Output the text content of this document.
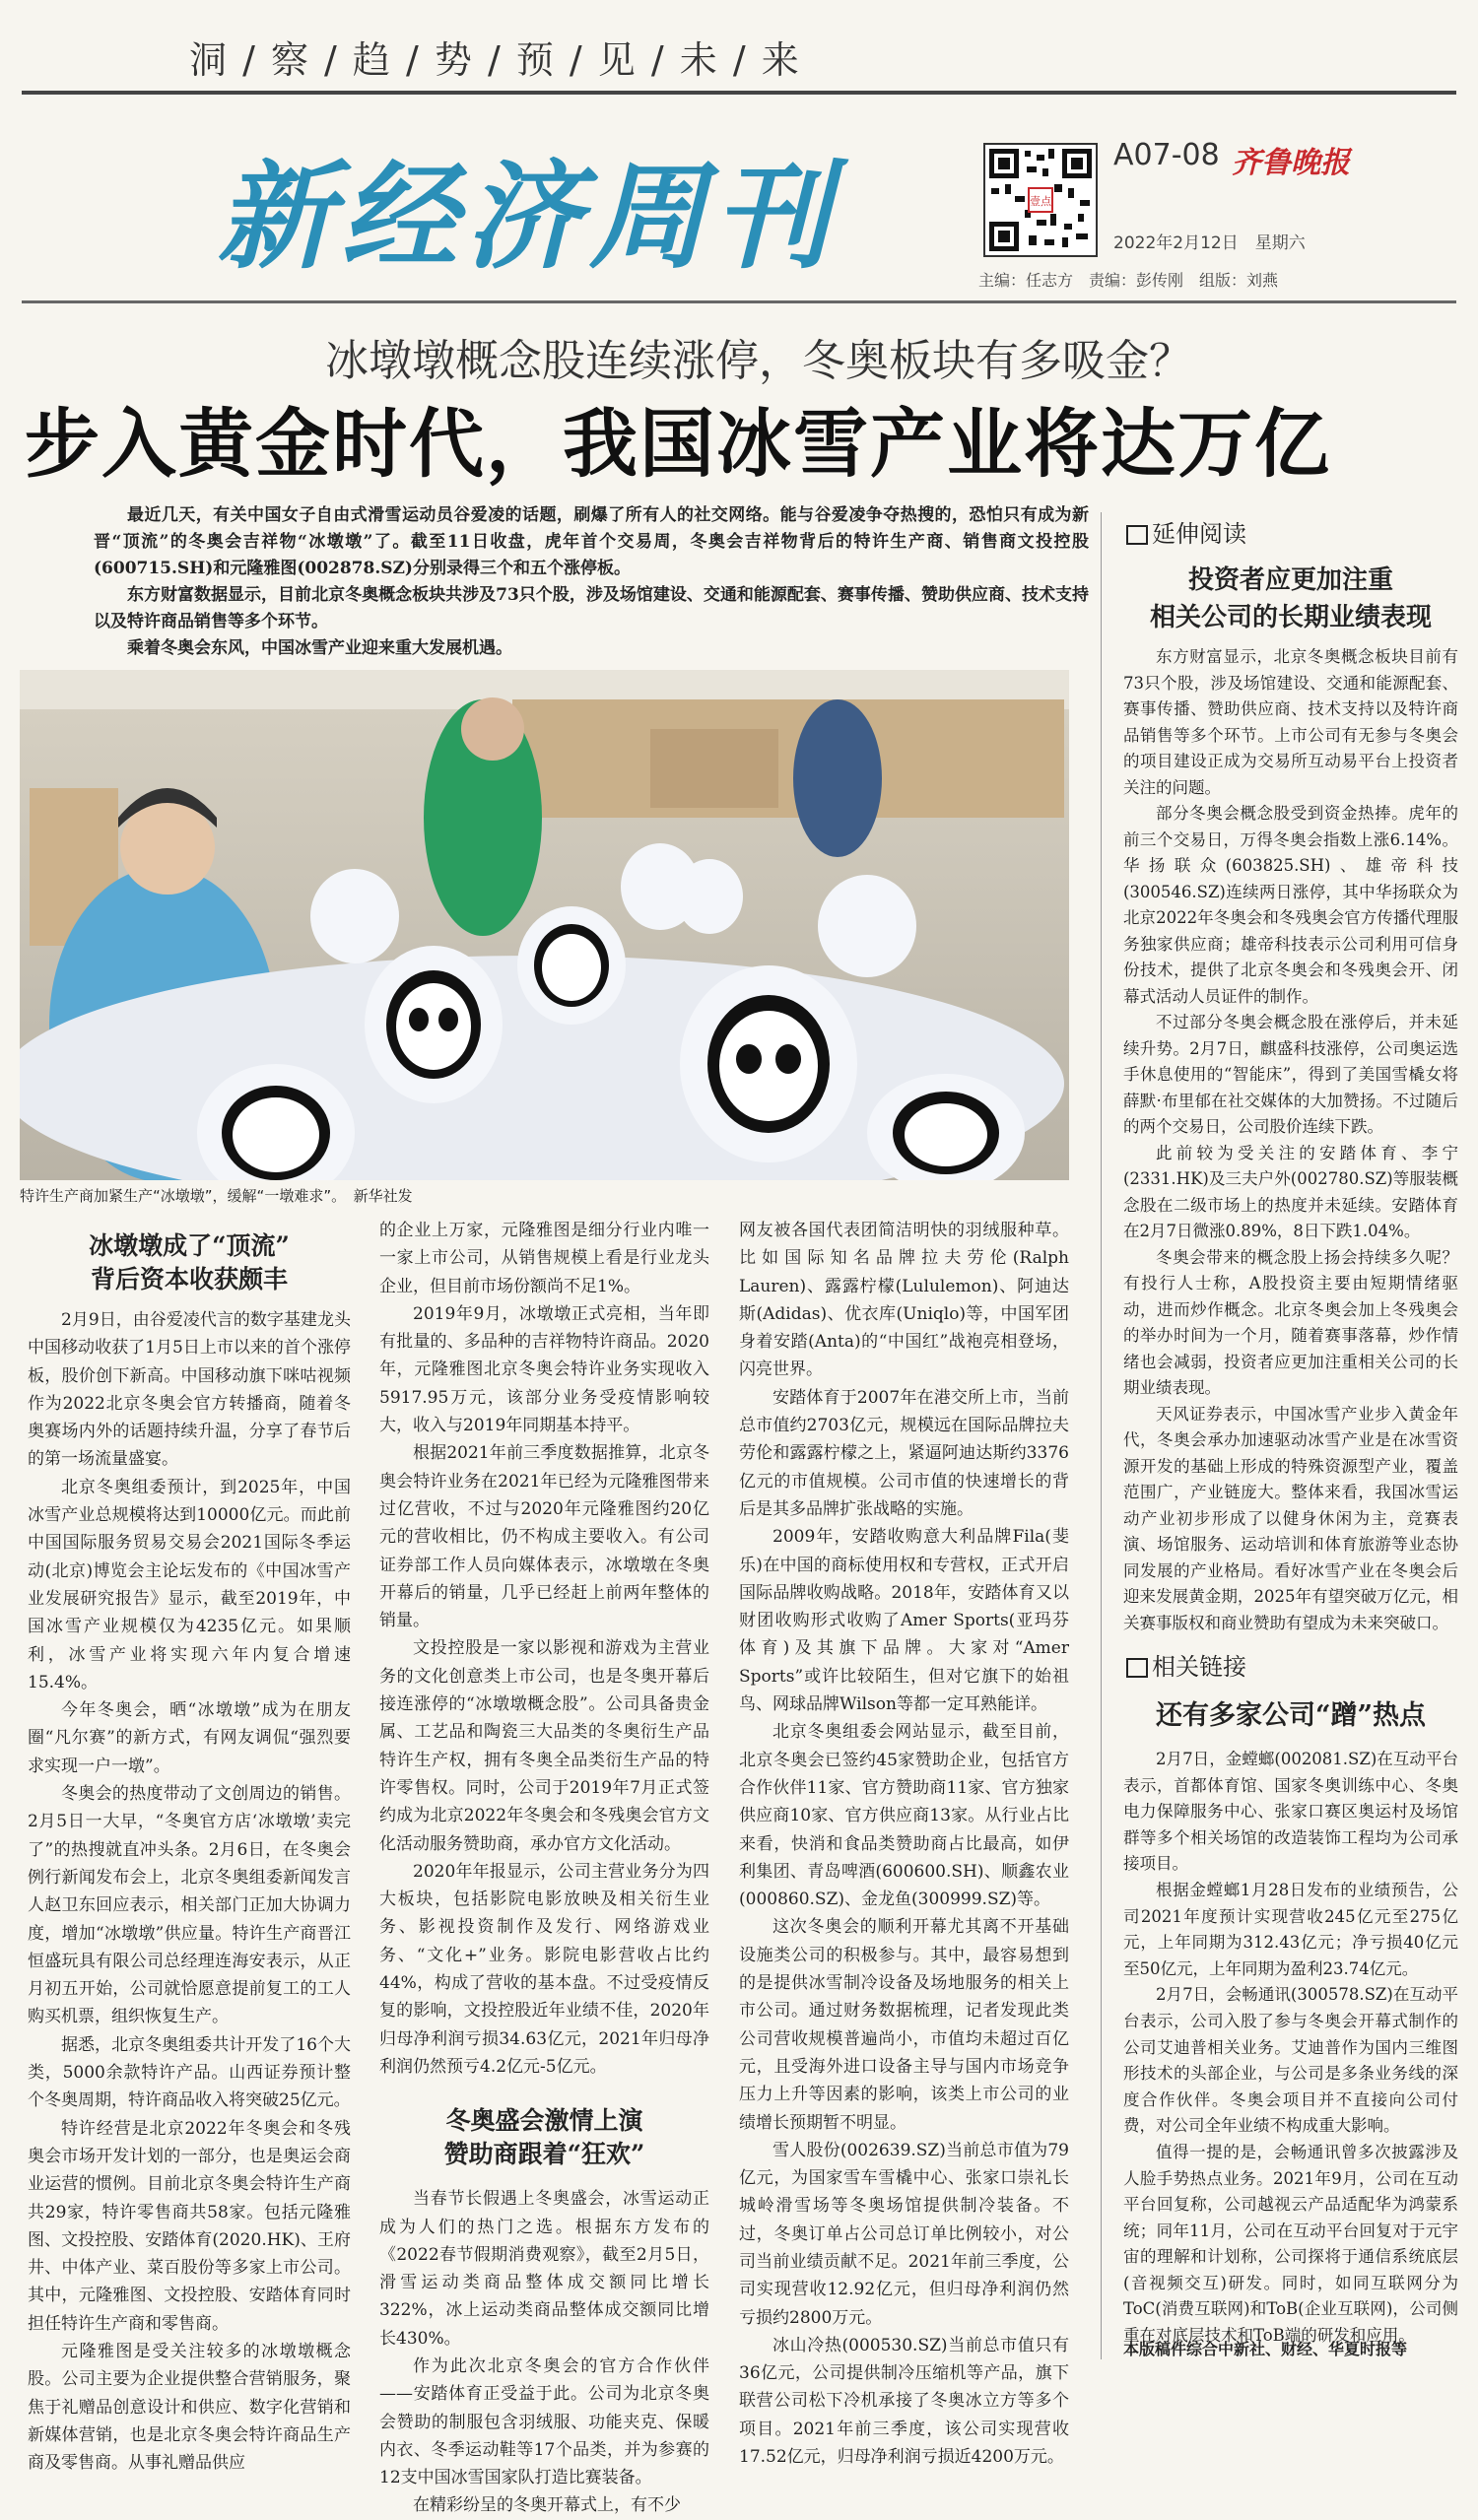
洞 / 察 / 趋 / 势 / 预 / 见 / 未 / 来
新经济周刊	壹点
A07-08 齐鲁晚报
2022年2月12日　星期六
主编：任志方　责编：彭传刚　组版：刘燕
冰墩墩概念股连续涨停，冬奥板块有多吸金？
步入黄金时代，我国冰雪产业将达万亿

最近几天，有关中国女子自由式滑雪运动员谷爱凌的话题，刷爆了所有人的社交网络。能与谷爱凌争夺热搜的，恐怕只有成为新晋“顶流”的冬奥会吉祥物“冰墩墩”了。截至11日收盘，虎年首个交易周，冬奥会吉祥物背后的特许生产商、销售商文投控股(600715.SH)和元隆雅图(002878.SZ)分别录得三个和五个涨停板。

东方财富数据显示，目前北京冬奥概念板块共涉及73只个股，涉及场馆建设、交通和能源配套、赛事传播、赞助供应商、技术支持以及特许商品销售等多个环节。

乘着冬奥会东风，中国冰雪产业迎来重大发展机遇。

特许生产商加紧生产“冰墩墩”，缓解“一墩难求”。　新华社发
冰墩墩成了“顶流”
背后资本收获颇丰

2月9日，由谷爱凌代言的数字基建龙头中国移动收获了1月5日上市以来的首个涨停板，股价创下新高。中国移动旗下咪咕视频作为2022北京冬奥会官方转播商，随着冬奥赛场内外的话题持续升温，分享了春节后的第一场流量盛宴。

北京冬奥组委预计，到2025年，中国冰雪产业总规模将达到10000亿元。而此前中国国际服务贸易交易会2021国际冬季运动(北京)博览会主论坛发布的《中国冰雪产业发展研究报告》显示，截至2019年，中国冰雪产业规模仅为4235亿元。如果顺利，冰雪产业将实现六年内复合增速15.4%。

今年冬奥会，晒“冰墩墩”成为在朋友圈“凡尔赛”的新方式，有网友调侃“强烈要求实现一户一墩”。

冬奥会的热度带动了文创周边的销售。2月5日一大早，“冬奥官方店‘冰墩墩’卖完了”的热搜就直冲头条。2月6日，在冬奥会例行新闻发布会上，北京冬奥组委新闻发言人赵卫东回应表示，相关部门正加大协调力度，增加“冰墩墩”供应量。特许生产商晋江恒盛玩具有限公司总经理连海安表示，从正月初五开始，公司就恰愿意提前复工的工人购买机票，组织恢复生产。

据悉，北京冬奥组委共计开发了16个大类，5000余款特许产品。山西证券预计整个冬奥周期，特许商品收入将突破25亿元。

特许经营是北京2022年冬奥会和冬残奥会市场开发计划的一部分，也是奥运会商业运营的惯例。目前北京冬奥会特许生产商共29家，特许零售商共58家。包括元隆雅图、文投控股、安踏体育(2020.HK)、王府井、中体产业、菜百股份等多家上市公司。其中，元隆雅图、文投控股、安踏体育同时担任特许生产商和零售商。

元隆雅图是受关注较多的冰墩墩概念股。公司主要为企业提供整合营销服务，聚焦于礼赠品创意设计和供应、数字化营销和新媒体营销，也是北京冬奥会特许商品生产商及零售商。从事礼赠品供应

的企业上万家，元隆雅图是细分行业内唯一一家上市公司，从销售规模上看是行业龙头企业，但目前市场份额尚不足1%。

2019年9月，冰墩墩正式亮相，当年即有批量的、多品种的吉祥物特许商品。2020年，元隆雅图北京冬奥会特许业务实现收入5917.95万元，该部分业务受疫情影响较大，收入与2019年同期基本持平。

根据2021年前三季度数据推算，北京冬奥会特许业务在2021年已经为元隆雅图带来过亿营收，不过与2020年元隆雅图约20亿元的营收相比，仍不构成主要收入。有公司证券部工作人员向媒体表示，冰墩墩在冬奥开幕后的销量，几乎已经赶上前两年整体的销量。

文投控股是一家以影视和游戏为主营业务的文化创意类上市公司，也是冬奥开幕后接连涨停的“冰墩墩概念股”。公司具备贵金属、工艺品和陶瓷三大品类的冬奥衍生产品特许生产权，拥有冬奥全品类衍生产品的特许零售权。同时，公司于2019年7月正式签约成为北京2022年冬奥会和冬残奥会官方文化活动服务赞助商，承办官方文化活动。

2020年年报显示，公司主营业务分为四大板块，包括影院电影放映及相关衍生业务、影视投资制作及发行、网络游戏业务、“文化+”业务。影院电影营收占比约44%，构成了营收的基本盘。不过受疫情反复的影响，文投控股近年业绩不佳，2020年归母净利润亏损34.63亿元，2021年归母净利润仍然预亏4.2亿元-5亿元。

冬奥盛会激情上演
赞助商跟着“狂欢”

当春节长假遇上冬奥盛会，冰雪运动正成为人们的热门之选。根据东方发布的《2022春节假期消费观察》，截至2月5日，滑雪运动类商品整体成交额同比增长322%，冰上运动类商品整体成交额同比增长430%。

作为此次北京冬奥会的官方合作伙伴——安踏体育正受益于此。公司为北京冬奥会赞助的制服包含羽绒服、功能夹克、保暖内衣、冬季运动鞋等17个品类，并为参赛的12支中国冰雪国家队打造比赛装备。

在精彩纷呈的冬奥开幕式上，有不少

网友被各国代表团简洁明快的羽绒服种草。比如国际知名品牌拉夫劳伦(Ralph Lauren)、露露柠檬(Lululemon)、阿迪达斯(Adidas)、优衣库(Uniqlo)等，中国军团身着安踏(Anta)的“中国红”战袍亮相登场，闪亮世界。

安踏体育于2007年在港交所上市，当前总市值约2703亿元，规模远在国际品牌拉夫劳伦和露露柠檬之上，紧逼阿迪达斯约3376亿元的市值规模。公司市值的快速增长的背后是其多品牌扩张战略的实施。

2009年，安踏收购意大利品牌Fila(斐乐)在中国的商标使用权和专营权，正式开启国际品牌收购战略。2018年，安踏体育又以财团收购形式收购了Amer Sports(亚玛芬体育)及其旗下品牌。大家对“Amer Sports”或许比较陌生，但对它旗下的始祖鸟、网球品牌Wilson等都一定耳熟能详。

北京冬奥组委会网站显示，截至目前，北京冬奥会已签约45家赞助企业，包括官方合作伙伴11家、官方赞助商11家、官方独家供应商10家、官方供应商13家。从行业占比来看，快消和食品类赞助商占比最高，如伊利集团、青岛啤酒(600600.SH)、顺鑫农业(000860.SZ)、金龙鱼(300999.SZ)等。

这次冬奥会的顺利开幕尤其离不开基础设施类公司的积极参与。其中，最容易想到的是提供冰雪制冷设备及场地服务的相关上市公司。通过财务数据梳理，记者发现此类公司营收规模普遍尚小，市值均未超过百亿元，且受海外进口设备主导与国内市场竞争压力上升等因素的影响，该类上市公司的业绩增长预期暂不明显。

雪人股份(002639.SZ)当前总市值为79亿元，为国家雪车雪橇中心、张家口崇礼长城岭滑雪场等冬奥场馆提供制冷装备。不过，冬奥订单占公司总订单比例较小，对公司当前业绩贡献不足。2021年前三季度，公司实现营收12.92亿元，但归母净利润仍然亏损约2800万元。

冰山冷热(000530.SZ)当前总市值只有36亿元，公司提供制冷压缩机等产品，旗下联营公司松下冷机承接了冬奥冰立方等多个项目。2021年前三季度，该公司实现营收17.52亿元，归母净利润亏损近4200万元。

延伸阅读
投资者应更加注重
相关公司的长期业绩表现

东方财富显示，北京冬奥概念板块目前有73只个股，涉及场馆建设、交通和能源配套、赛事传播、赞助供应商、技术支持以及特许商品销售等多个环节。上市公司有无参与冬奥会的项目建设正成为交易所互动易平台上投资者关注的问题。

部分冬奥会概念股受到资金热捧。虎年的前三个交易日，万得冬奥会指数上涨6.14%。华扬联众(603825.SH)、雄帝科技(300546.SZ)连续两日涨停，其中华扬联众为北京2022年冬奥会和冬残奥会官方传播代理服务独家供应商；雄帝科技表示公司利用可信身份技术，提供了北京冬奥会和冬残奥会开、闭幕式活动人员证件的制作。

不过部分冬奥会概念股在涨停后，并未延续升势。2月7日，麒盛科技涨停，公司奥运选手休息使用的“智能床”，得到了美国雪橇女将薛默·布里郁在社交媒体的大加赞扬。不过随后的两个交易日，公司股价连续下跌。

此前较为受关注的安踏体育、李宁(2331.HK)及三夫户外(002780.SZ)等服装概念股在二级市场上的热度并未延续。安踏体育在2月7日微涨0.89%，8日下跌1.04%。

冬奥会带来的概念股上扬会持续多久呢？有投行人士称，A股投资主要由短期情绪驱动，进而炒作概念。北京冬奥会加上冬残奥会的举办时间为一个月，随着赛事落幕，炒作情绪也会减弱，投资者应更加注重相关公司的长期业绩表现。

天风证券表示，中国冰雪产业步入黄金年代，冬奥会承办加速驱动冰雪产业是在冰雪资源开发的基础上形成的特殊资源型产业，覆盖范围广，产业链庞大。整体来看，我国冰雪运动产业初步形成了以健身休闲为主，竞赛表演、场馆服务、运动培训和体育旅游等业态协同发展的产业格局。看好冰雪产业在冬奥会后迎来发展黄金期，2025年有望突破万亿元，相关赛事版权和商业赞助有望成为未来突破口。

相关链接
还有多家公司“蹭”热点

2月7日，金螳螂(002081.SZ)在互动平台表示，首都体育馆、国家冬奥训练中心、冬奥电力保障服务中心、张家口赛区奥运村及场馆群等多个相关场馆的改造装饰工程均为公司承接项目。

根据金螳螂1月28日发布的业绩预告，公司2021年度预计实现营收245亿元至275亿元，上年同期为312.43亿元；净亏损40亿元至50亿元，上年同期为盈利23.74亿元。

2月7日，会畅通讯(300578.SZ)在互动平台表示，公司入股了参与冬奥会开幕式制作的公司艾迪普相关业务。艾迪普作为国内三维图形技术的头部企业，与公司是多条业务线的深度合作伙伴。冬奥会项目并不直接向公司付费，对公司全年业绩不构成重大影响。

值得一提的是，会畅通讯曾多次披露涉及人脸手势热点业务。2021年9月，公司在互动平台回复称，公司越视云产品适配华为鸿蒙系统；同年11月，公司在互动平台回复对于元宇宙的理解和计划称，公司探将于通信系统底层(音视频交互)研发。同时，如同互联网分为ToC(消费互联网)和ToB(企业互联网)，公司侧重在对底层技术和ToB端的研发和应用。

本版稿件综合中新社、财经、华夏时报等
